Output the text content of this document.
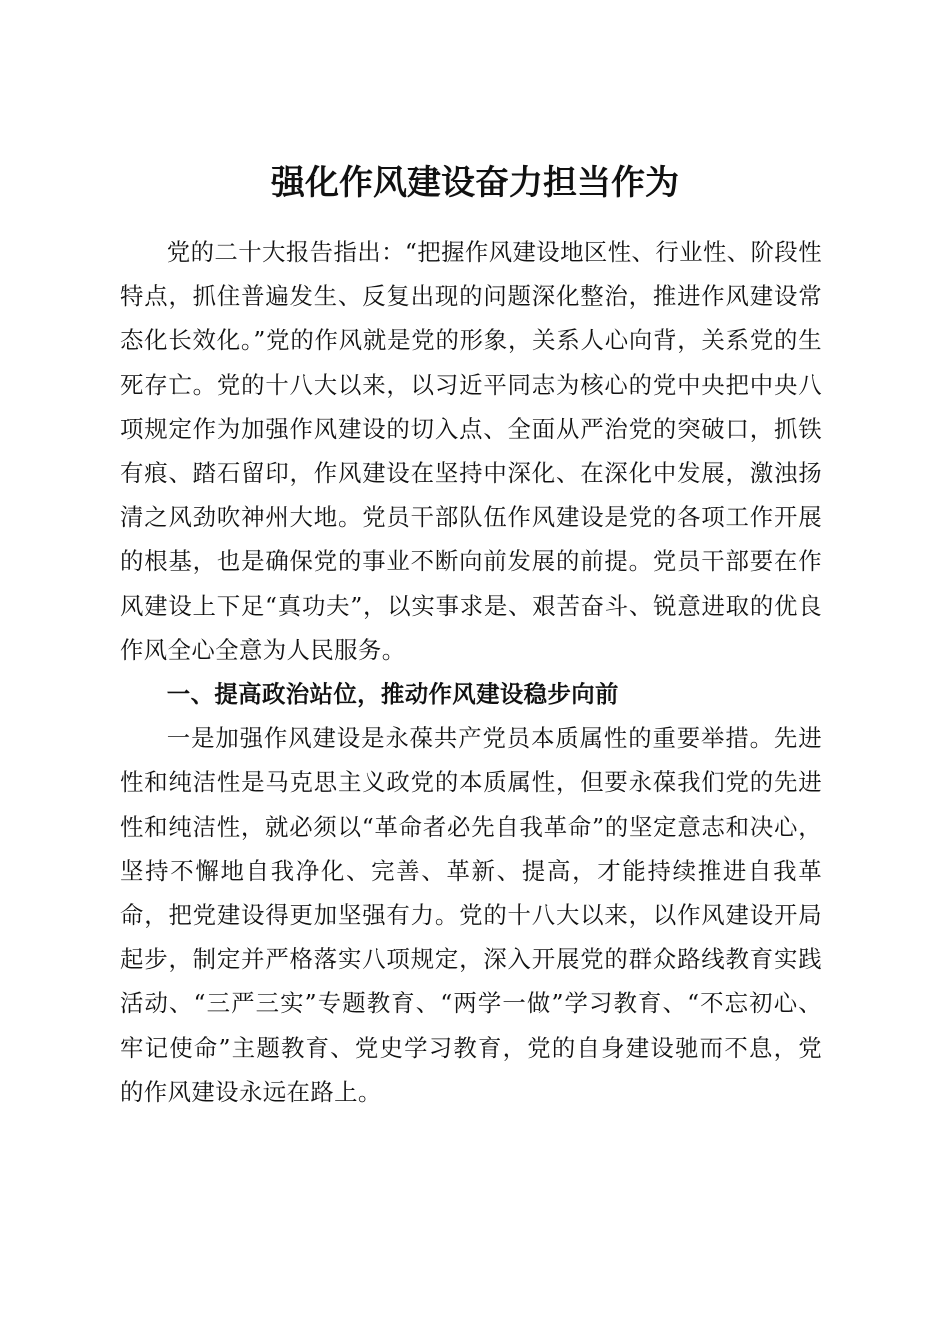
强化作风建设奋力担当作为

党的二十大报告指出：“把握作风建设地区性、行业性、阶段性特点，抓住普遍发生、反复出现的问题深化整治，推进作风建设常态化长效化。”党的作风就是党的形象，关系人心向背，关系党的生死存亡。党的十八大以来，以习近平同志为核心的党中央把中央八项规定作为加强作风建设的切入点、全面从严治党的突破口，抓铁有痕、踏石留印，作风建设在坚持中深化、在深化中发展，激浊扬清之风劲吹神州大地。党员干部队伍作风建设是党的各项工作开展的根基，也是确保党的事业不断向前发展的前提。党员干部要在作风建设上下足“真功夫”，以实事求是、艰苦奋斗、锐意进取的优良作风全心全意为人民服务。

一、提高政治站位，推动作风建设稳步向前

一是加强作风建设是永葆共产党员本质属性的重要举措。先进性和纯洁性是马克思主义政党的本质属性，但要永葆我们党的先进性和纯洁性，就必须以“革命者必先自我革命”的坚定意志和决心，坚持不懈地自我净化、完善、革新、提高，才能持续推进自我革命，把党建设得更加坚强有力。党的十八大以来，以作风建设开局起步，制定并严格落实八项规定，深入开展党的群众路线教育实践活动、“三严三实”专题教育、“两学一做”学习教育、“不忘初心、牢记使命”主题教育、党史学习教育，党的自身建设驰而不息，党的作风建设永远在路上。
